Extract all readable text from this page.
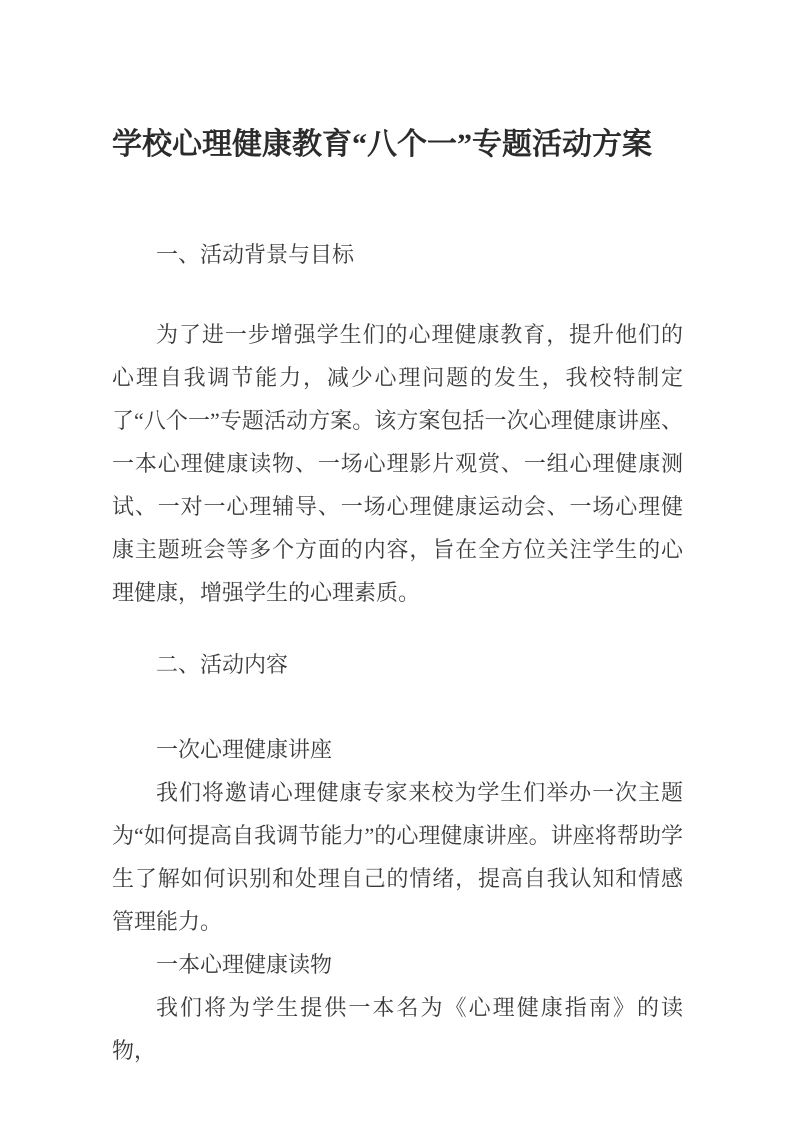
学校心理健康教育“八个一”专题活动方案

一、活动背景与目标

为了进一步增强学生们的心理健康教育，提升他们的心理自我调节能力，减少心理问题的发生，我校特制定了“八个一”专题活动方案。该方案包括一次心理健康讲座、一本心理健康读物、一场心理影片观赏、一组心理健康测试、一对一心理辅导、一场心理健康运动会、一场心理健康主题班会等多个方面的内容，旨在全方位关注学生的心理健康，增强学生的心理素质。

二、活动内容

一次心理健康讲座

我们将邀请心理健康专家来校为学生们举办一次主题为“如何提高自我调节能力”的心理健康讲座。讲座将帮助学生了解如何识别和处理自己的情绪，提高自我认知和情感管理能力。

一本心理健康读物

我们将为学生提供一本名为《心理健康指南》的读物，
